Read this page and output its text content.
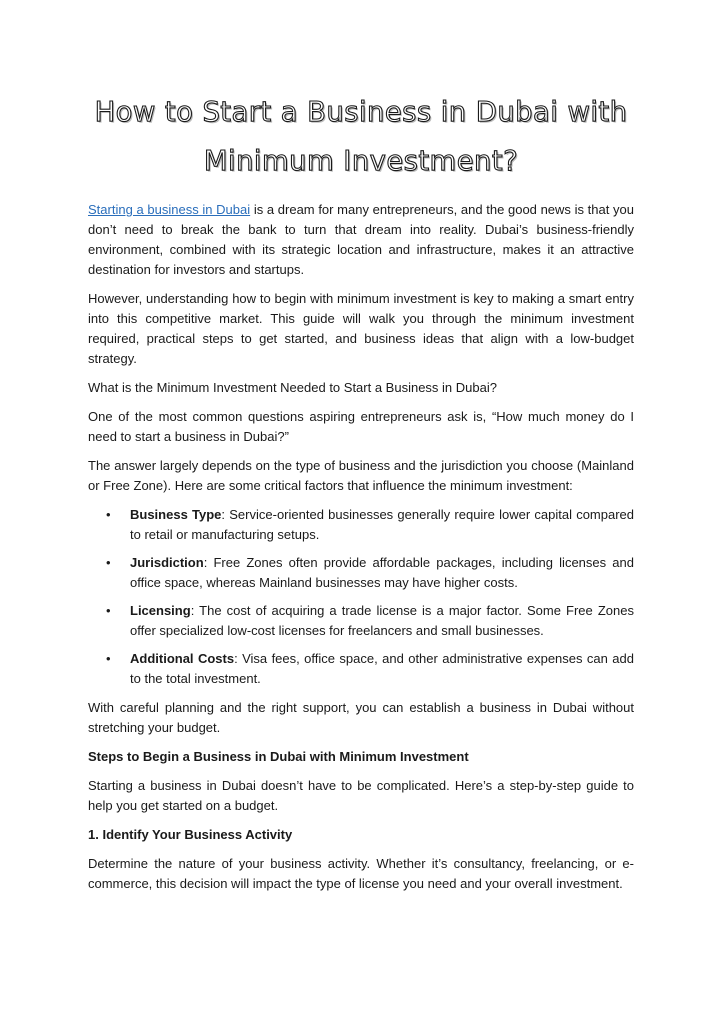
How to Start a Business in Dubai with
Minimum Investment?

Starting a business in Dubai is a dream for many entrepreneurs, and the good news is that you don’t need to break the bank to turn that dream into reality. Dubai’s business-friendly environment, combined with its strategic location and infrastructure, makes it an attractive destination for investors and startups.

However, understanding how to begin with minimum investment is key to making a smart entry into this competitive market. This guide will walk you through the minimum investment required, practical steps to get started, and business ideas that align with a low-budget strategy.

What is the Minimum Investment Needed to Start a Business in Dubai?

One of the most common questions aspiring entrepreneurs ask is, “How much money do I need to start a business in Dubai?”

The answer largely depends on the type of business and the jurisdiction you choose (Mainland or Free Zone). Here are some critical factors that influence the minimum investment:

• Business Type: Service-oriented businesses generally require lower capital compared to retail or manufacturing setups.
• Jurisdiction: Free Zones often provide affordable packages, including licenses and office space, whereas Mainland businesses may have higher costs.
• Licensing: The cost of acquiring a trade license is a major factor. Some Free Zones offer specialized low-cost licenses for freelancers and small businesses.
• Additional Costs: Visa fees, office space, and other administrative expenses can add to the total investment.

With careful planning and the right support, you can establish a business in Dubai without stretching your budget.

Steps to Begin a Business in Dubai with Minimum Investment

Starting a business in Dubai doesn’t have to be complicated. Here’s a step-by-step guide to help you get started on a budget.

1. Identify Your Business Activity

Determine the nature of your business activity. Whether it’s consultancy, freelancing, or e-commerce, this decision will impact the type of license you need and your overall investment.
